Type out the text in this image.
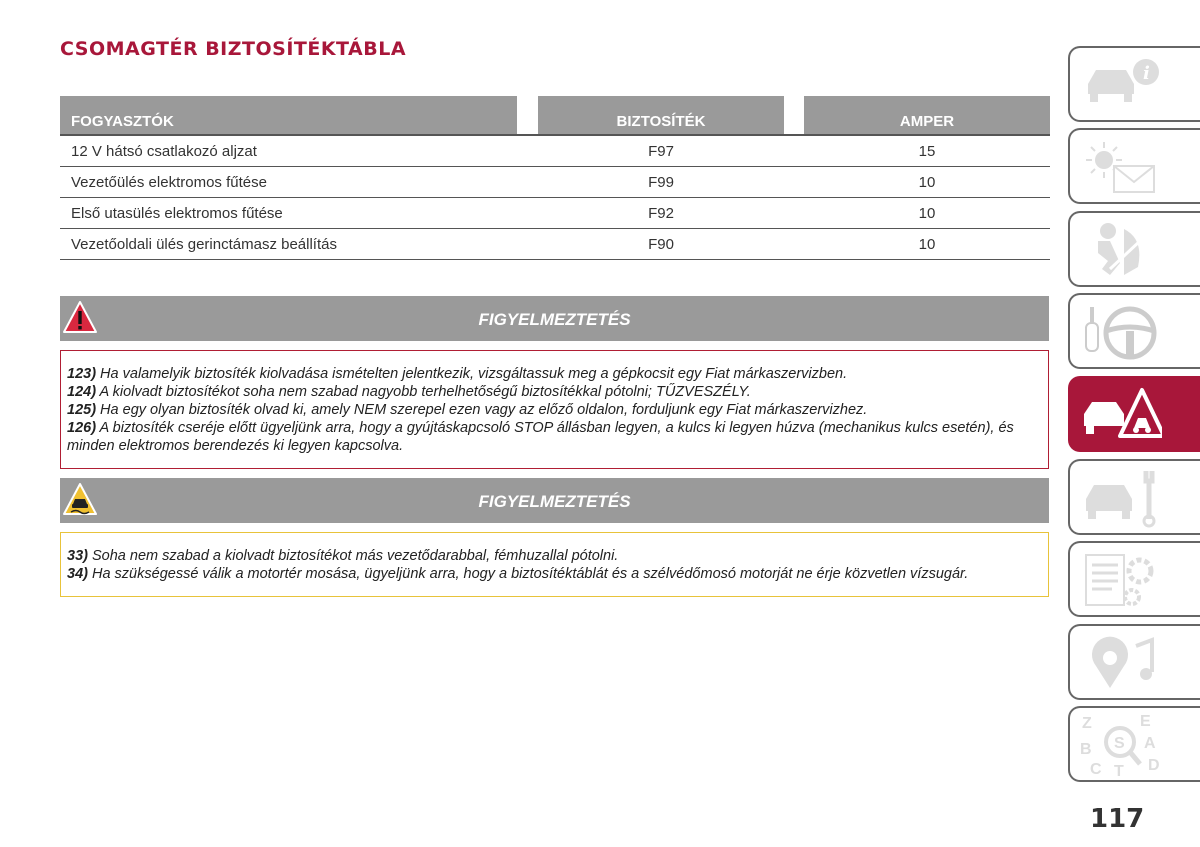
CSOMAGTÉR BIZTOSÍTÉKTÁBLA
FOGYASZTÓK	BIZTOSÍTÉK	AMPER
12 V hátsó csatlakozó aljzat	F97	15
Vezetőülés elektromos fűtése	F99	10
Első utasülés elektromos fűtése	F92	10
Vezetőoldali ülés gerinctámasz beállítás	F90	10
FIGYELMEZTETÉS

123) Ha valamelyik biztosíték kiolvadása ismételten jelentkezik, vizsgáltassuk meg a gépkocsit egy Fiat márkaszervizben.

124) A kiolvadt biztosítékot soha nem szabad nagyobb terhelhetőségű biztosítékkal pótolni; TŰZVESZÉLY.

125) Ha egy olyan biztosíték olvad ki, amely NEM szerepel ezen vagy az előző oldalon, forduljunk egy Fiat márkaszervizhez.

126) A biztosíték cseréje előtt ügyeljünk arra, hogy a gyújtáskapcsoló STOP állásban legyen, a kulcs ki legyen húzva (mechanikus kulcs esetén), és minden elektromos berendezés ki legyen kapcsolva.

FIGYELMEZTETÉS

33) Soha nem szabad a kiolvadt biztosítékot más vezetődarabbal, fémhuzallal pótolni.

34) Ha szükségessé válik a motortér mosása, ügyeljünk arra, hogy a biztosítéktáblát és a szélvédőmosó motorját ne érje közvetlen vízsugár.

i
Z	E
A
B
C T D
S
117
